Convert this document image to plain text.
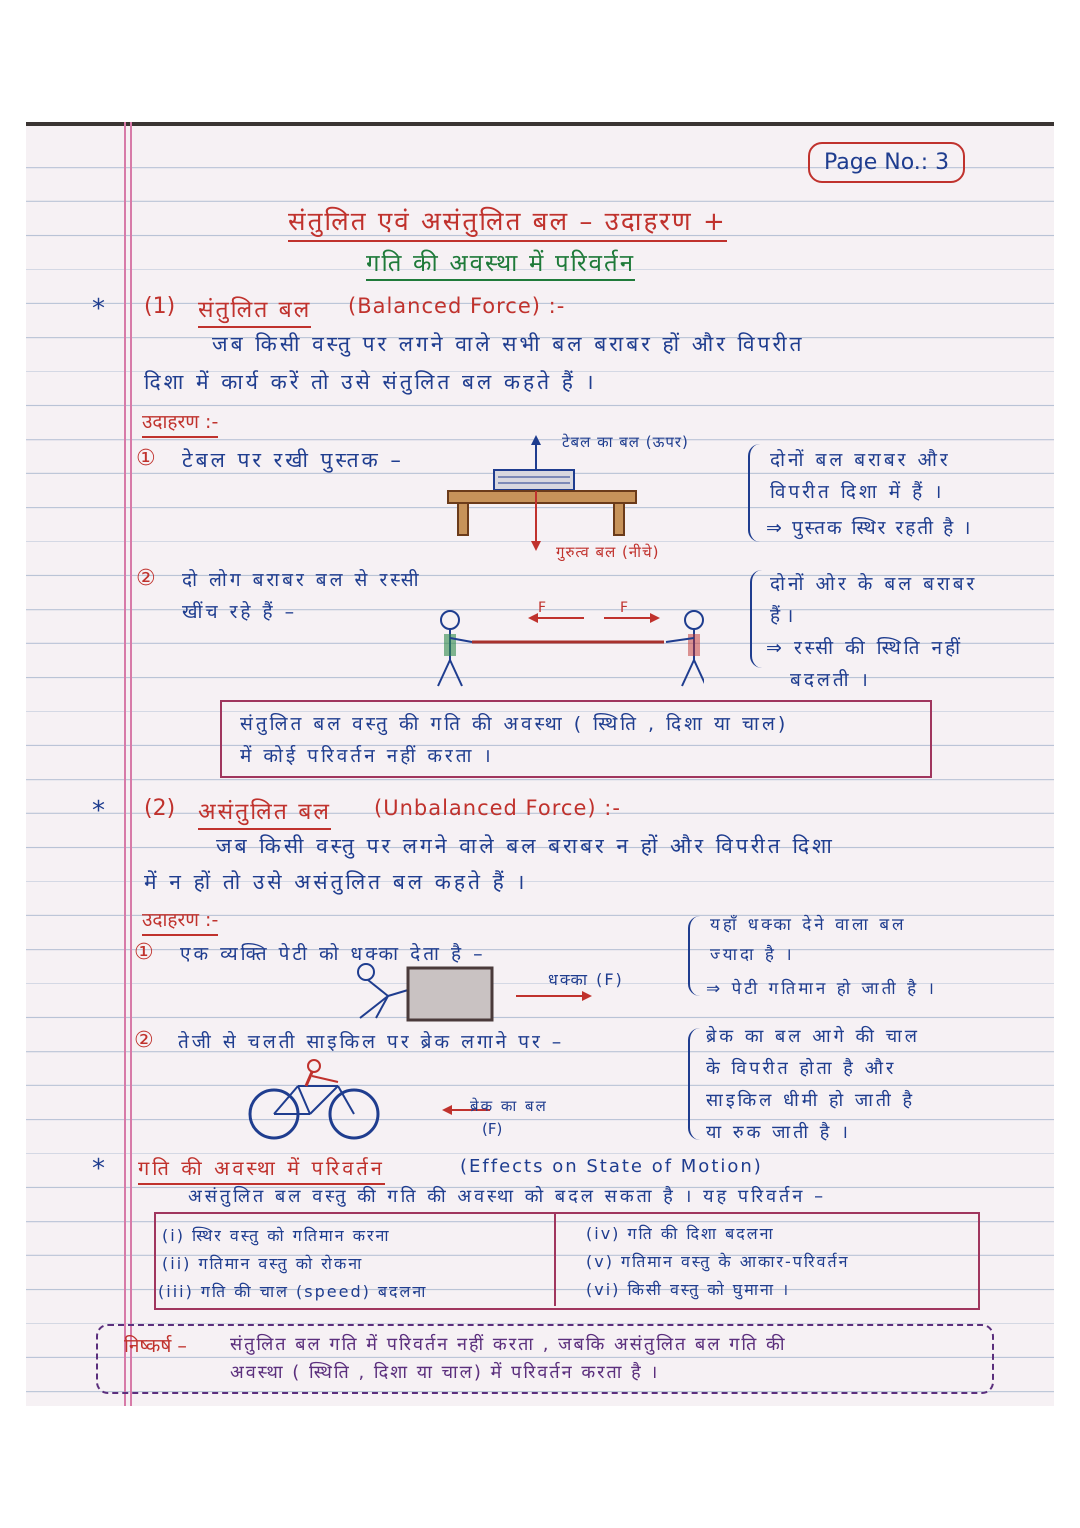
Page No.: 3
संतुलित एवं असंतुलित बल – उदाहरण +
गति की अवस्था में परिवर्तन
* (1) संतुलित बल (Balanced Force) :-
जब किसी वस्तु पर लगने वाले सभी बल बराबर हों और विपरीत
दिशा में कार्य करें तो उसे संतुलित बल कहते हैं ।
उदाहरण :-
① टेबल पर रखी पुस्तक –
टेबल का बल (ऊपर)
गुरुत्व बल (नीचे)
दोनों बल बराबर और
विपरीत दिशा में हैं ।
⇒ पुस्तक स्थिर रहती है ।
② दो लोग बराबर बल से रस्सी
खींच रहे हैं –	F	F
दोनों ओर के बल बराबर
हैं ।
⇒ रस्सी की स्थिति नहीं
बदलती ।
संतुलित बल वस्तु की गति की अवस्था ( स्थिति , दिशा या चाल)
में कोई परिवर्तन नहीं करता ।
* (2) असंतुलित बल (Unbalanced Force) :-
जब किसी वस्तु पर लगने वाले बल बराबर न हों और विपरीत दिशा
में न हों तो उसे असंतुलित बल कहते हैं ।
उदाहरण :-
① एक व्यक्ति पेटी को धक्का देता है –
धक्का (F)
यहाँ धक्का देने वाला बल
ज्यादा है ।
⇒ पेटी गतिमान हो जाती है ।
② तेजी से चलती साइकिल पर ब्रेक लगाने पर –
ब्रेक का बल
(F)
ब्रेक का बल आगे की चाल
के विपरीत होता है और
साइकिल धीमी हो जाती है
या रुक जाती है ।
* गति की अवस्था में परिवर्तन	(Effects on State of Motion)
असंतुलित बल वस्तु की गति की अवस्था को बदल सकता है । यह परिवर्तन –
(i) स्थिर वस्तु को गतिमान करना
(ii) गतिमान वस्तु को रोकना
(iii) गति की चाल (speed) बदलना
(iv) गति की दिशा बदलना
(v) गतिमान वस्तु के आकार-परिवर्तन
(vi) किसी वस्तु को घुमाना ।
निष्कर्ष – संतुलित बल गति में परिवर्तन नहीं करता , जबकि असंतुलित बल गति की
अवस्था ( स्थिति , दिशा या चाल) में परिवर्तन करता है ।
